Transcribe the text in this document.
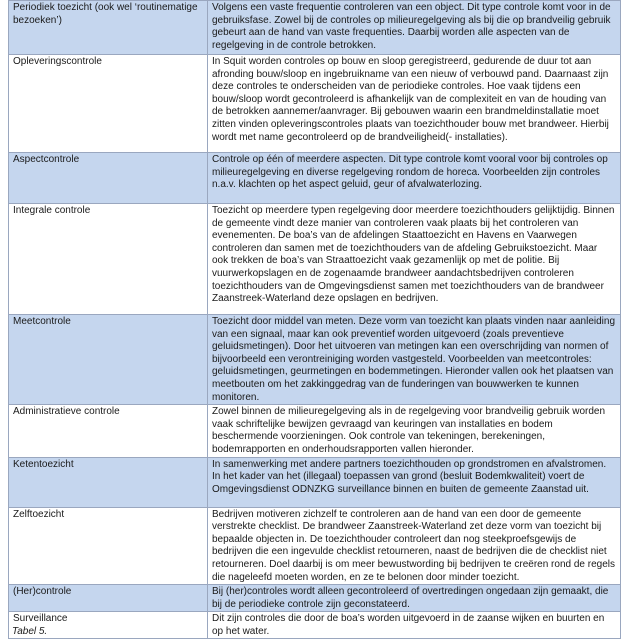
Periodiek toezicht (ook wel ‘routinematige bezoeken’)	Volgens een vaste frequentie controleren van een object. Dit type controle komt voor in de gebruiksfase. Zowel bij de controles op milieuregelgeving als bij die op brandveilig gebruik gebeurt aan de hand van vaste frequenties. Daarbij worden alle aspecten van de regelgeving in de controle betrokken.
Opleveringscontrole	In Squit worden controles op bouw en sloop geregistreerd, gedurende de duur tot aan afronding bouw/sloop en ingebruikname van een nieuw of verbouwd pand. Daarnaast zijn deze controles te onderscheiden van de periodieke controles. Hoe vaak tijdens een bouw/sloop wordt gecontroleerd is afhankelijk van de complexiteit en van de houding van de betrokken aannemer/aanvrager. Bij gebouwen waarin een brandmeldinstallatie moet zitten vinden opleveringscontroles plaats van toezichthouder bouw met brandweer. Hierbij wordt met name gecontroleerd op de brandveiligheid(- installaties).
Aspectcontrole	Controle op één of meerdere aspecten. Dit type controle komt vooral voor bij controles op milieuregelgeving en diverse regelgeving rondom de horeca. Voorbeelden zijn controles n.a.v. klachten op het aspect geluid, geur of afvalwaterlozing.
Integrale controle	Toezicht op meerdere typen regelgeving door meerdere toezichthouders gelijktijdig. Binnen de gemeente vindt deze manier van controleren vaak plaats bij het controleren van evenementen. De boa’s van de afdelingen Staattoezicht en Havens en Vaarwegen controleren dan samen met de toezichthouders van de afdeling Gebruikstoezicht. Maar ook trekken de boa’s van Straattoezicht vaak gezamenlijk op met de politie. Bij vuurwerkopslagen en de zogenaamde brandweer aandachtsbedrijven controleren toezichthouders van de Omgevingsdienst samen met toezichthouders van de brandweer Zaanstreek-Waterland deze opslagen en bedrijven.
Meetcontrole	Toezicht door middel van meten. Deze vorm van toezicht kan plaats vinden naar aanleiding van een signaal, maar kan ook preventief worden uitgevoerd (zoals preventieve geluidsmetingen). Door het uitvoeren van metingen kan een overschrijding van normen of bijvoorbeeld een verontreiniging worden vastgesteld. Voorbeelden van meetcontroles: geluidsmetingen, geurmetingen en bodemmetingen. Hieronder vallen ook het plaatsen van meetbouten om het zakkinggedrag van de funderingen van bouwwerken te kunnen monitoren.
Administratieve controle	Zowel binnen de milieuregelgeving als in de regelgeving voor brandveilig gebruik worden vaak schriftelijke bewijzen gevraagd van keuringen van installaties en bodem beschermende voorzieningen. Ook controle van tekeningen, berekeningen, bodemrapporten en onderhoudsrapporten vallen hieronder.
Ketentoezicht	In samenwerking met andere partners toezichthouden op grondstromen en afvalstromen. In het kader van het (illegaal) toepassen van grond (besluit Bodemkwaliteit) voert de Omgevingsdienst ODNZKG surveillance binnen en buiten de gemeente Zaanstad uit.
Zelftoezicht	Bedrijven motiveren zichzelf te controleren aan de hand van een door de gemeente verstrekte checklist. De brandweer Zaanstreek-Waterland zet deze vorm van toezicht bij bepaalde objecten in. De toezichthouder controleert dan nog steekproefsgewijs de bedrijven die een ingevulde checklist retourneren, naast de bedrijven die de checklist niet retourneren. Doel daarbij is om meer bewustwording bij bedrijven te creëren rond de regels die nageleefd moeten worden, en ze te belonen door minder toezicht.
(Her)controle	Bij (her)controles wordt alleen gecontroleerd of overtredingen ongedaan zijn gemaakt, die bij de periodieke controle zijn geconstateerd.
Surveillance	Dit zijn controles die door de boa’s worden uitgevoerd in de zaanse wijken en buurten en op het water.
Tabel 5.
